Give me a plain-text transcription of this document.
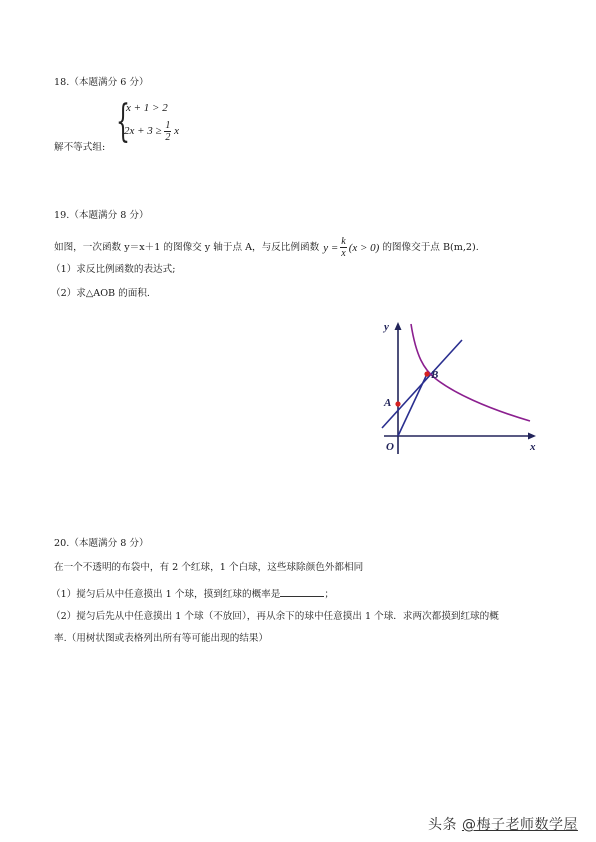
18.（本题满分 6 分）
{
x + 1 > 2
$2x + 3 \ge \frac{1}{2}$ x
解不等式组:
19.（本题满分 8 分）
如图，一次函数 y＝x＋1 的图像交 y 轴于点 A，与反比例函数 $y = \frac{k}{x} (x > 0)$ 的图像交于点 B(m,2).
（1）求反比例函数的表达式;
（2）求△AOB 的面积.
y
x
O
A
B
20.（本题满分 8 分）
在一个不透明的布袋中，有 2 个红球，1 个白球，这些球除颜色外都相同
（1）搅匀后从中任意摸出 1 个球，摸到红球的概率是	；
（2）搅匀后先从中任意摸出 1 个球（不放回），再从余下的球中任意摸出 1 个球．求两次都摸到红球的概
率.（用树状图或表格列出所有等可能出现的结果）
头条 @梅子老师数学屋
